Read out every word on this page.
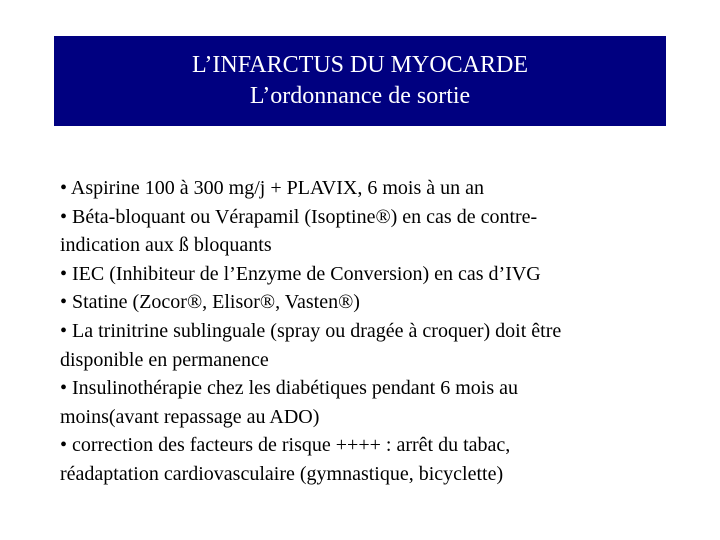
L’INFARCTUS DU MYOCARDE
L’ordonnance de sortie
• Aspirine 100 à 300 mg/j + PLAVIX, 6 mois à un an
• Béta-bloquant ou Vérapamil (Isoptine®) en cas de contre-
indication aux ß bloquants
• IEC (Inhibiteur de l’Enzyme de Conversion) en cas d’IVG
• Statine (Zocor®, Elisor®, Vasten®)
• La trinitrine sublinguale (spray ou dragée à croquer) doit être
disponible en permanence
• Insulinothérapie chez les diabétiques pendant 6 mois au
moins(avant repassage au ADO)
• correction des facteurs de risque ++++ : arrêt du tabac,
réadaptation cardiovasculaire (gymnastique, bicyclette)
